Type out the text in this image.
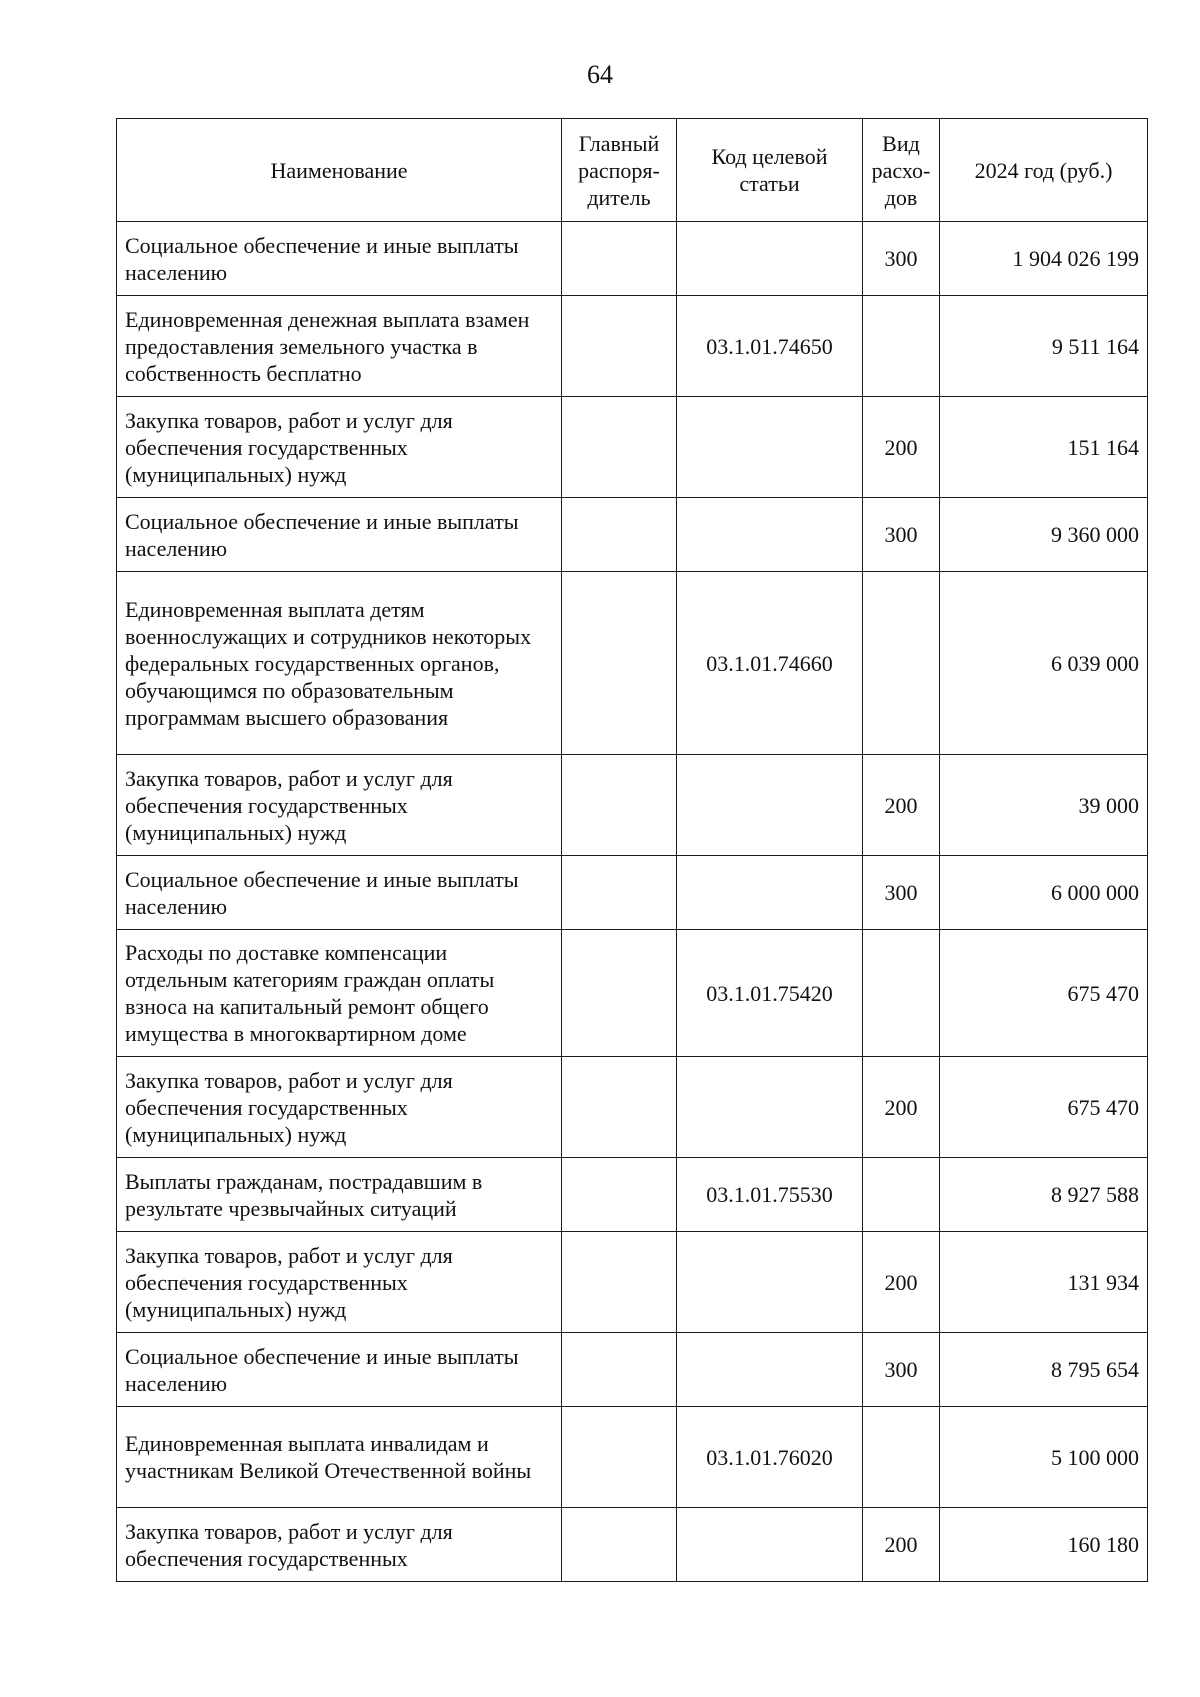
64
Наименование	Главный распоря-дитель	Код целевой статьи	Вид расхо-дов	2024 год (руб.)
Социальное обеспечение и иные выплаты населению			300	1 904 026 199
Единовременная денежная выплата взамен предоставления земельного участка в собственность бесплатно		03.1.01.74650		9 511 164
Закупка товаров, работ и услуг для обеспечения государственных (муниципальных) нужд			200	151 164
Социальное обеспечение и иные выплаты населению			300	9 360 000
Единовременная выплата детям военнослужащих и сотрудников некоторых федеральных государственных органов, обучающимся по образовательным программам высшего образования		03.1.01.74660		6 039 000
Закупка товаров, работ и услуг для обеспечения государственных (муниципальных) нужд			200	39 000
Социальное обеспечение и иные выплаты населению			300	6 000 000
Расходы по доставке компенсации отдельным категориям граждан оплаты взноса на капитальный ремонт общего имущества в многоквартирном доме		03.1.01.75420		675 470
Закупка товаров, работ и услуг для обеспечения государственных (муниципальных) нужд			200	675 470
Выплаты гражданам, пострадавшим в результате чрезвычайных ситуаций		03.1.01.75530		8 927 588
Закупка товаров, работ и услуг для обеспечения государственных (муниципальных) нужд			200	131 934
Социальное обеспечение и иные выплаты населению			300	8 795 654
Единовременная выплата инвалидам и участникам Великой Отечественной войны		03.1.01.76020		5 100 000
Закупка товаров, работ и услуг для обеспечения государственных			200	160 180
